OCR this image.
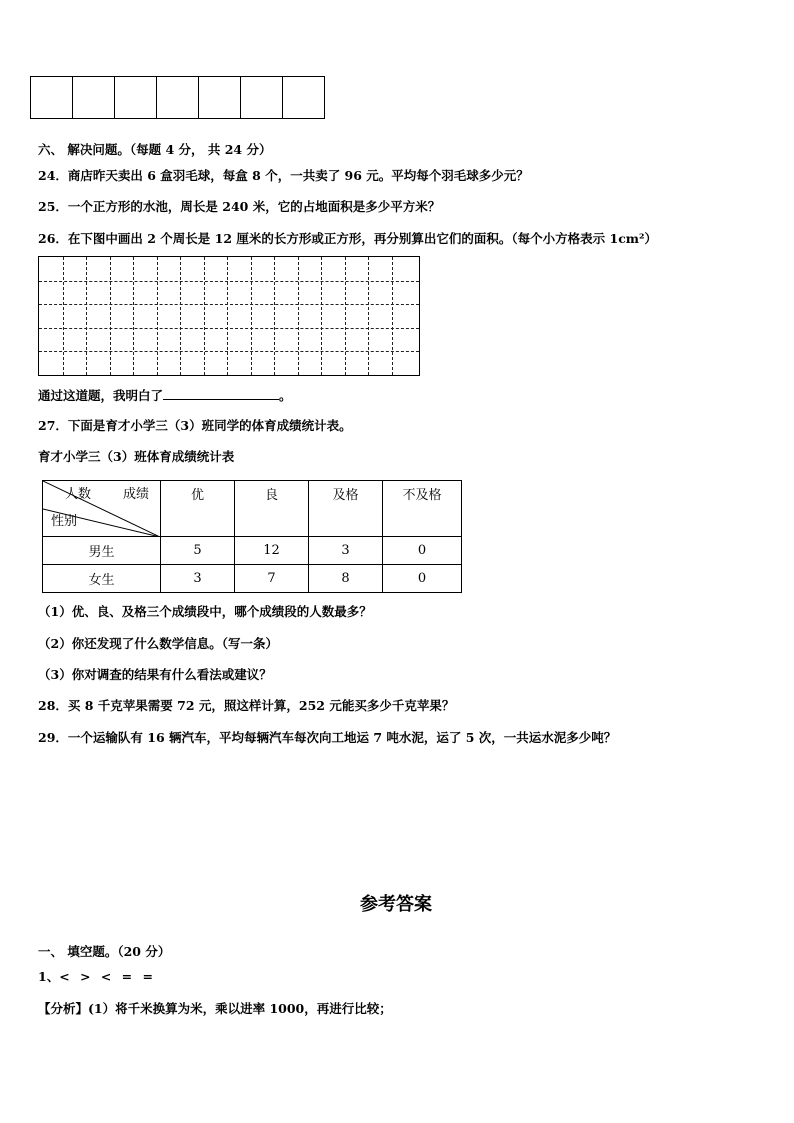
六、 解决问题。（每题 4 分， 共 24 分）
24．商店昨天卖出 6 盒羽毛球，每盒 8 个，一共卖了 96 元。平均每个羽毛球多少元？
25．一个正方形的水池，周长是 240 米，它的占地面积是多少平方米？
26．在下图中画出 2 个周长是 12 厘米的长方形或正方形，再分别算出它们的面积。（每个小方格表示 1cm²）
通过这道题，我明白了	。
27．下面是育才小学三（3）班同学的体育成绩统计表。
育才小学三（3）班体育成绩统计表
人数 成绩
性别	优	良	及格	不及格
男生	5	12	3	0
女生	3	7	8	0
（1）优、良、及格三个成绩段中，哪个成绩段的人数最多？
（2）你还发现了什么数学信息。（写一条）
（3）你对调查的结果有什么看法或建议？
28．买 8 千克苹果需要 72 元，照这样计算，252 元能买多少千克苹果？
29．一个运输队有 16 辆汽车，平均每辆汽车每次向工地运 7 吨水泥，运了 5 次，一共运水泥多少吨？
参考答案
一、 填空题。（20 分）
1、< > < = =
【分析】(1）将千米换算为米，乘以进率 1000，再进行比较；
